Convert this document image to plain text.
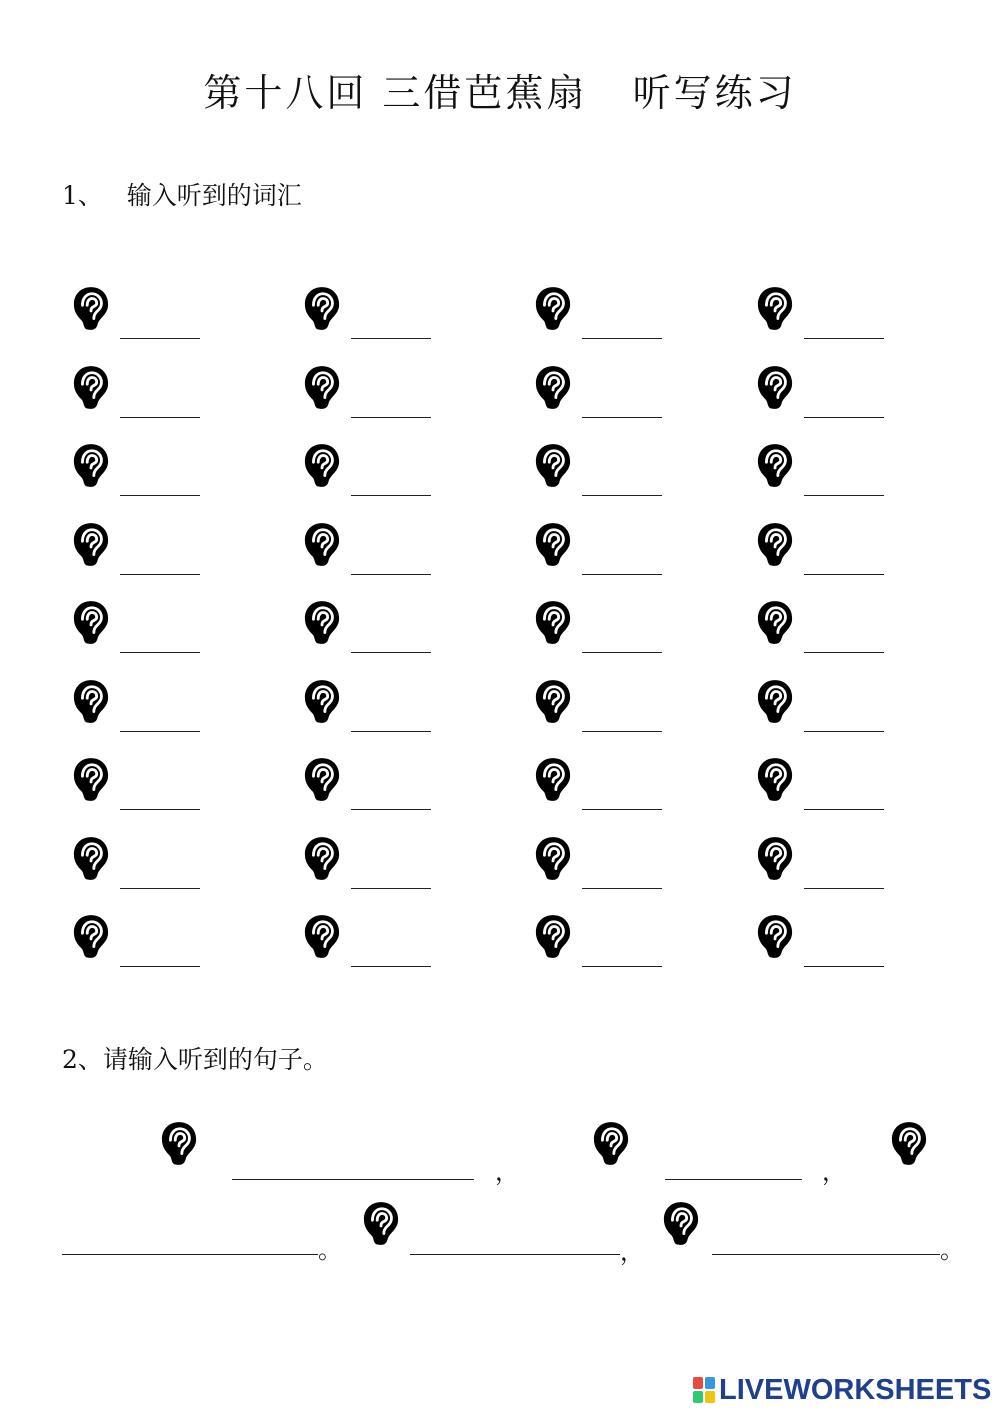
第十八回 三借芭蕉扇   听写练习
1、   输入听到的词汇
2、请输入听到的句子。
，	，
。	，	。
LIVEWORKSHEETS
